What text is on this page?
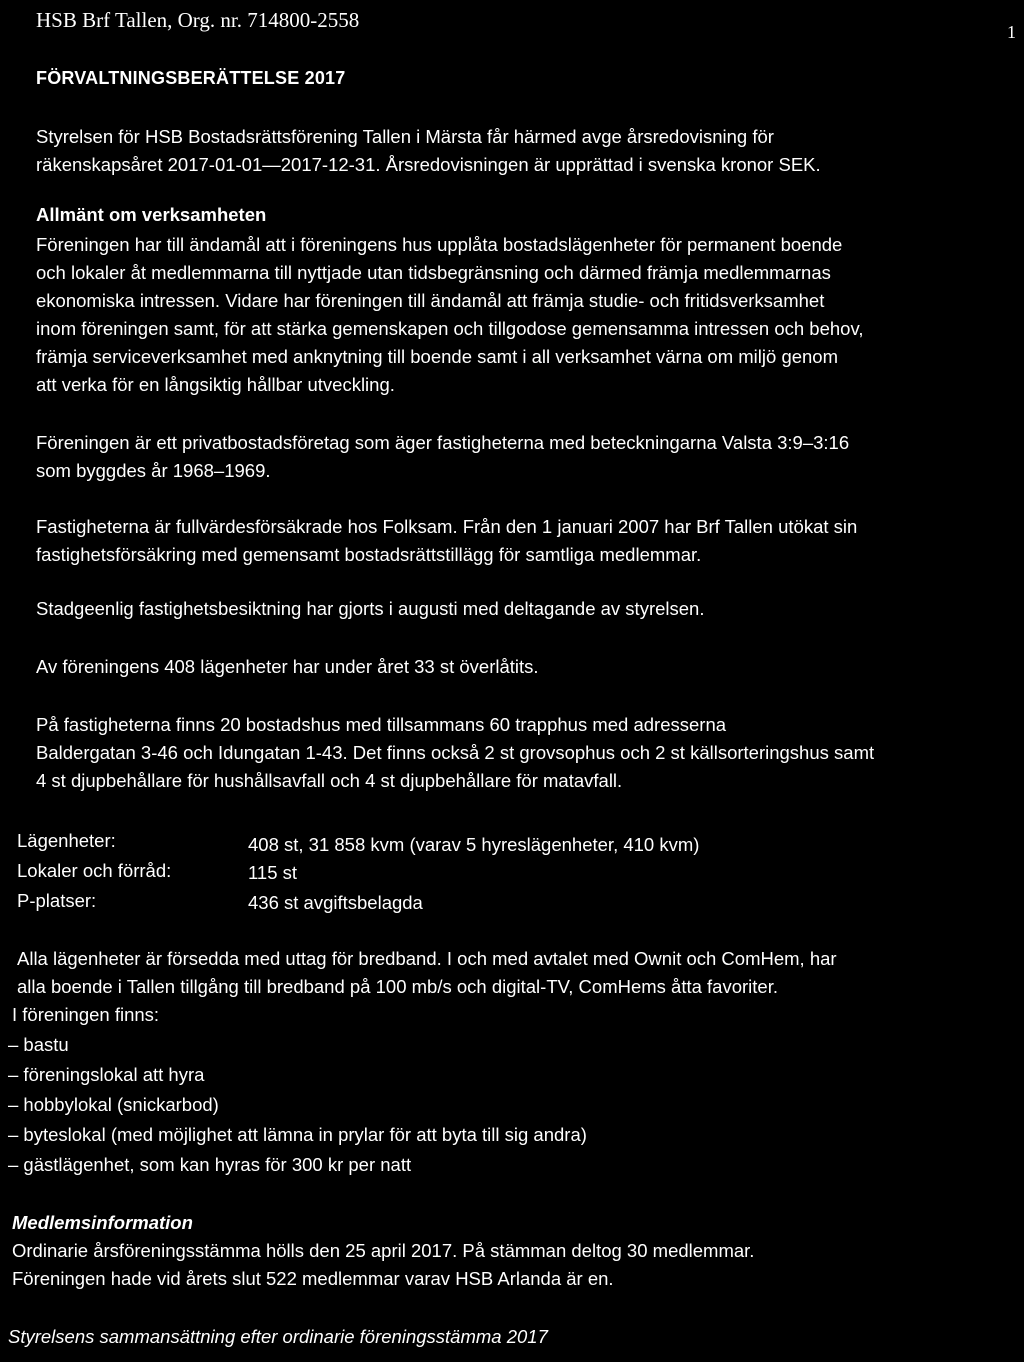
HSB Brf Tallen, Org. nr. 714800-2558	1
FÖRVALTNINGSBERÄTTELSE 2017
Styrelsen för HSB Bostadsrättsförening Tallen i Märsta får härmed avge årsredovisning för
räkenskapsåret 2017-01-01—2017-12-31. Årsredovisningen är upprättad i svenska kronor SEK.
Allmänt om verksamheten
Föreningen har till ändamål att i föreningens hus upplåta bostadslägenheter för permanent boende
och lokaler åt medlemmarna till nyttjade utan tidsbegränsning och därmed främja medlemmarnas
ekonomiska intressen. Vidare har föreningen till ändamål att främja studie- och fritidsverksamhet
inom föreningen samt, för att stärka gemenskapen och tillgodose gemensamma intressen och behov,
främja serviceverksamhet med anknytning till boende samt i all verksamhet värna om miljö genom
att verka för en långsiktig hållbar utveckling.
Föreningen är ett privatbostadsföretag som äger fastigheterna med beteckningarna Valsta 3:9–3:16
som byggdes år 1968–1969.
Fastigheterna är fullvärdesförsäkrade hos Folksam. Från den 1 januari 2007 har Brf Tallen utökat sin
fastighetsförsäkring med gemensamt bostadsrättstillägg för samtliga medlemmar.
Stadgeenlig fastighetsbesiktning har gjorts i augusti med deltagande av styrelsen.
Av föreningens 408 lägenheter har under året 33 st överlåtits.
På fastigheterna finns 20 bostadshus med tillsammans 60 trapphus med adresserna
Baldergatan 3-46 och Idungatan 1-43. Det finns också 2 st grovsophus och 2 st källsorteringshus samt
4 st djupbehållare för hushållsavfall och 4 st djupbehållare för matavfall.
Lägenheter:	408 st, 31 858 kvm (varav 5 hyreslägenheter, 410 kvm)
Lokaler och förråd:	115 st
P-platser:	436 st avgiftsbelagda
Alla lägenheter är försedda med uttag för bredband. I och med avtalet med Ownit och ComHem, har
alla boende i Tallen tillgång till bredband på 100 mb/s och digital-TV, ComHems åtta favoriter.
I föreningen finns:
– bastu
– föreningslokal att hyra
– hobbylokal (snickarbod)
– byteslokal (med möjlighet att lämna in prylar för att byta till sig andra)
– gästlägenhet, som kan hyras för 300 kr per natt
Medlemsinformation
Ordinarie årsföreningsstämma hölls den 25 april 2017. På stämman deltog 30 medlemmar.
Föreningen hade vid årets slut 522 medlemmar varav HSB Arlanda är en.
Styrelsens sammansättning efter ordinarie föreningsstämma 2017
